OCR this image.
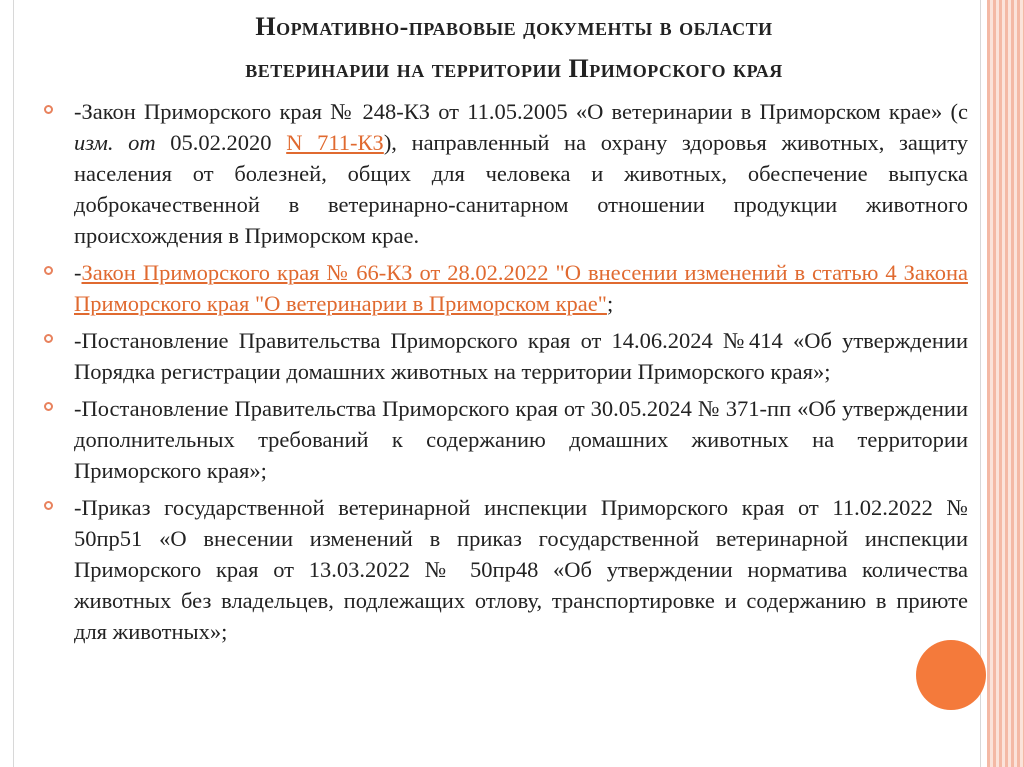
Нормативно-правовые документы в области
ветеринарии на территории Приморского края
-Закон Приморского края № 248-КЗ от 11.05.2005 «О ветеринарии в Приморском крае» (с изм. от 05.02.2020 N 711-КЗ), направленный на охрану здоровья животных, защиту населения от болезней, общих для человека и животных, обеспечение выпуска доброкачественной в ветеринарно-санитарном отношении продукции животного происхождения в Приморском крае.
-Закон Приморского края № 66-КЗ от 28.02.2022 "О внесении изменений в статью 4 Закона Приморского края "О ветеринарии в Приморском крае";
-Постановление Правительства Приморского края от 14.06.2024 №414 «Об утверждении Порядка регистрации домашних животных на территории Приморского края»;
-Постановление Правительства Приморского края от 30.05.2024 № 371-пп «Об утверждении дополнительных требований к содержанию домашних животных на территории Приморского края»;
-Приказ государственной ветеринарной инспекции Приморского края от 11.02.2022 № 50пр51 «О внесении изменений в приказ государственной ветеринарной инспекции Приморского края от 13.03.2022 № 50пр48 «Об утверждении норматива количества животных без владельцев, подлежащих отлову, транспортировке и содержанию в приюте для животных»;
